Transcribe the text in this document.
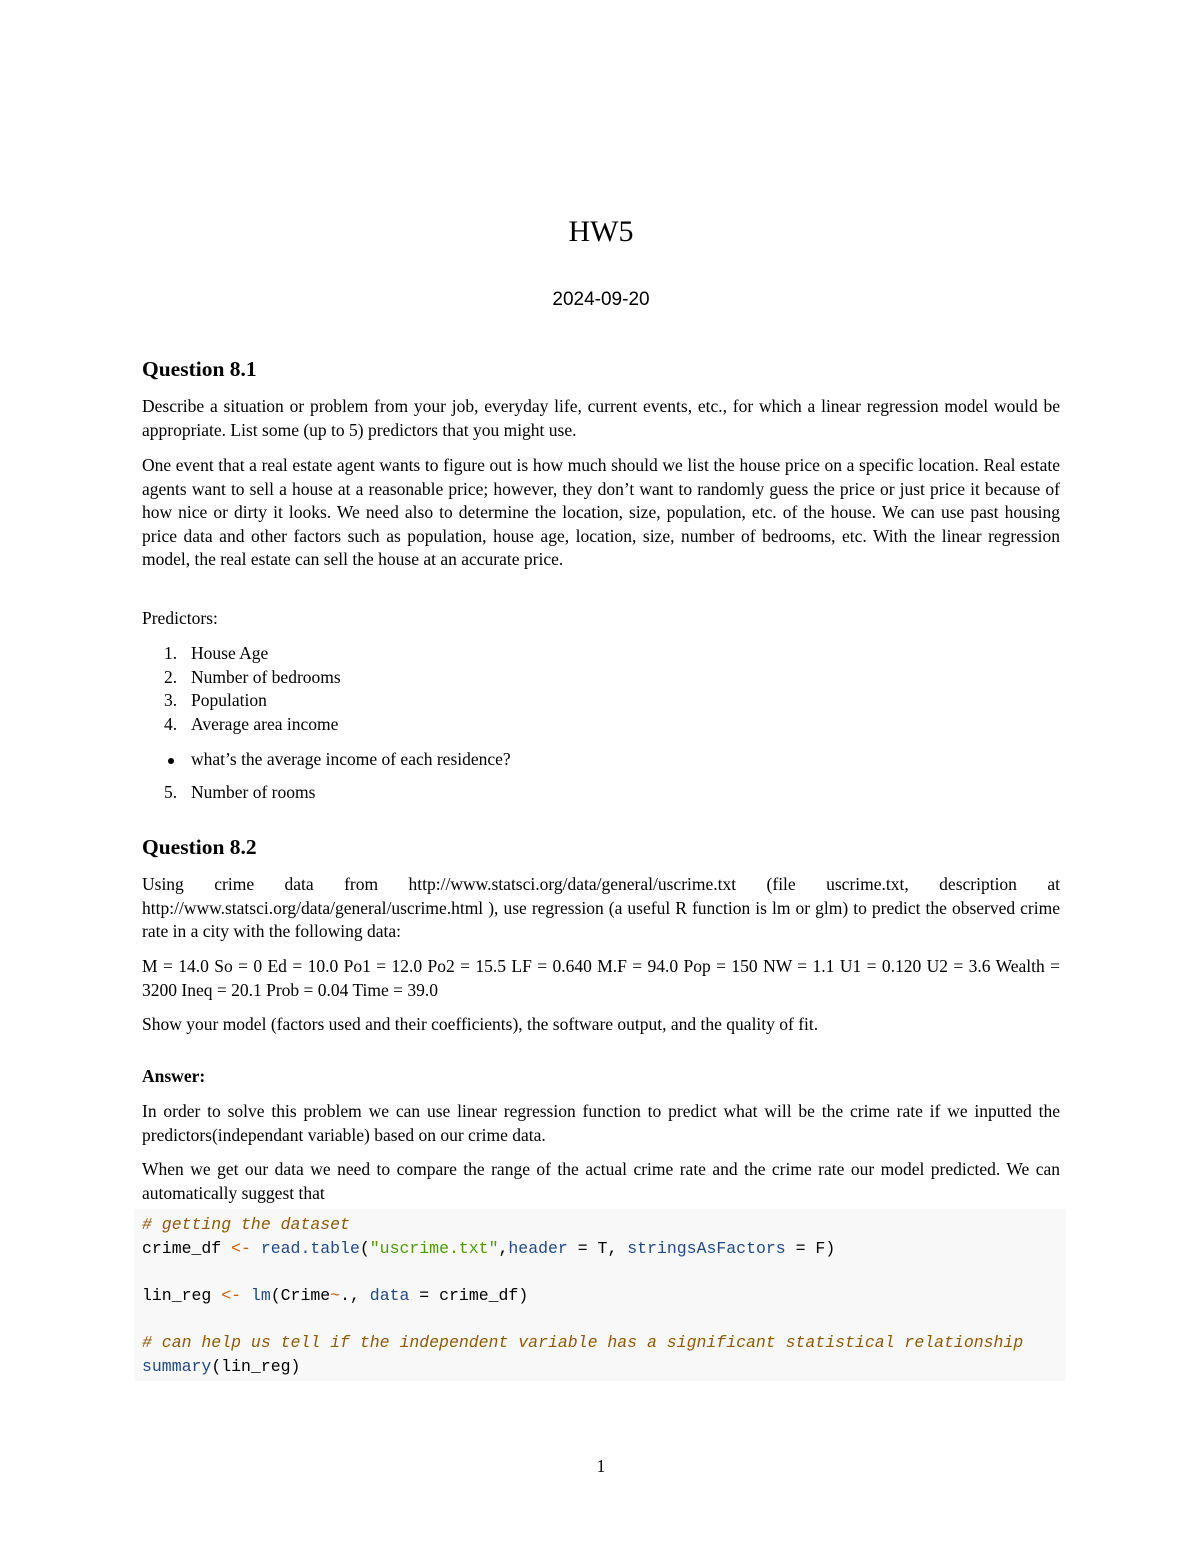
HW5
2024-09-20
Question 8.1

Describe a situation or problem from your job, everyday life, current events, etc., for which a linear regression model would be appropriate. List some (up to 5) predictors that you might use.

One event that a real estate agent wants to figure out is how much should we list the house price on a specific location. Real estate agents want to sell a house at a reasonable price; however, they don’t want to randomly guess the price or just price it because of how nice or dirty it looks. We need also to determine the location, size, population, etc. of the house. We can use past housing price data and other factors such as population, house age, location, size, number of bedrooms, etc. With the linear regression model, the real estate can sell the house at an accurate price.

Predictors:

1. House Age
2. Number of bedrooms
3. Population
4. Average area income
what’s the average income of each residence?
5. Number of rooms
Question 8.2

Using crime data from http://www.statsci.org/data/general/uscrime.txt (file uscrime.txt, description at http://www.statsci.org/data/general/uscrime.html ), use regression (a useful R function is lm or glm) to predict the observed crime rate in a city with the following data:

M = 14.0 So = 0 Ed = 10.0 Po1 = 12.0 Po2 = 15.5 LF = 0.640 M.F = 94.0 Pop = 150 NW = 1.1 U1 = 0.120 U2 = 3.6 Wealth = 3200 Ineq = 20.1 Prob = 0.04 Time = 39.0

Show your model (factors used and their coefficients), the software output, and the quality of fit.

Answer:

In order to solve this problem we can use linear regression function to predict what will be the crime rate if we inputted the predictors(independant variable) based on our crime data.

When we get our data we need to compare the range of the actual crime rate and the crime rate our model predicted. We can automatically suggest that

# getting the dataset
crime_df <- read.table("uscrime.txt",header = T, stringsAsFactors = F)
lin_reg <- lm(Crime~., data = crime_df)
# can help us tell if the independent variable has a significant statistical relationship
summary(lin_reg)
1
